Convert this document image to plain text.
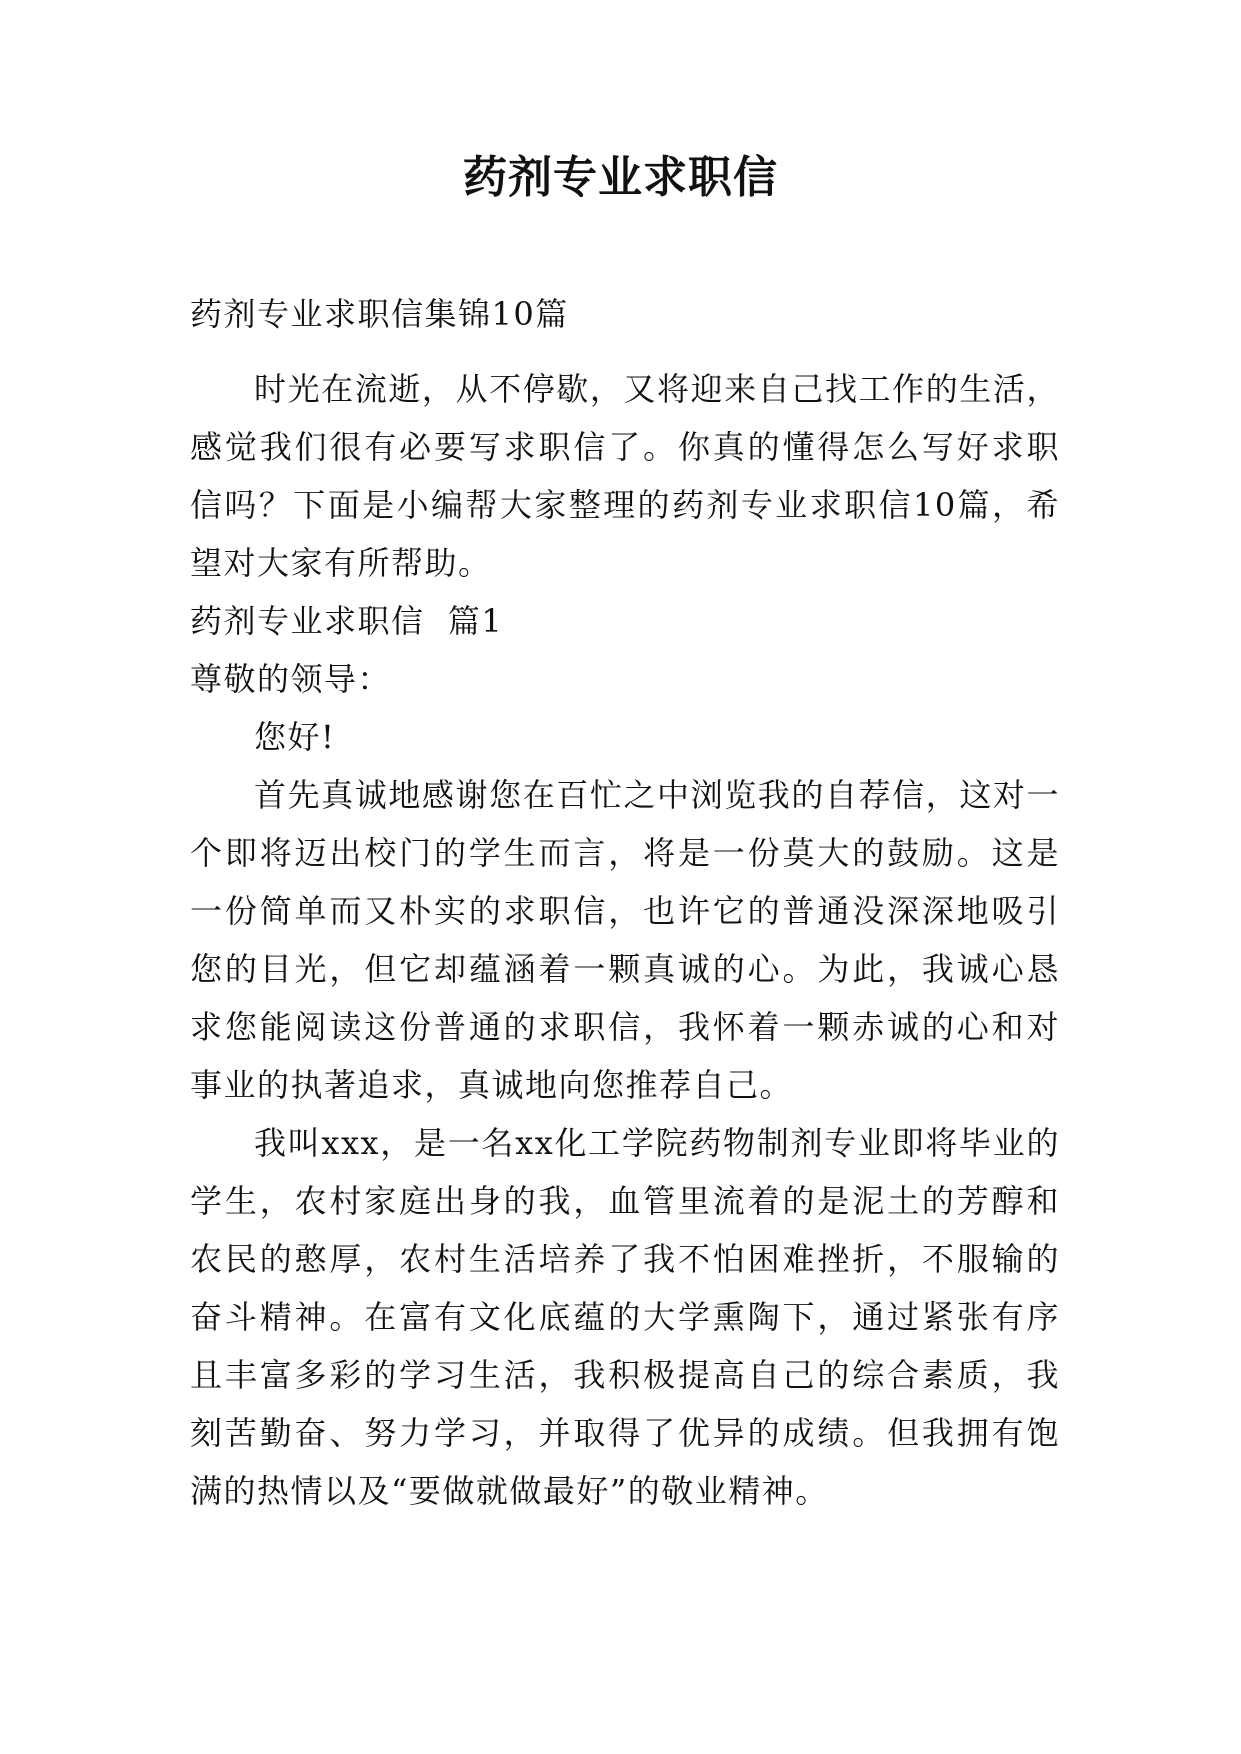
药剂专业求职信
药剂专业求职信集锦10篇

时光在流逝，从不停歇，又将迎来自己找工作的生活，感觉我们很有必要写求职信了。你真的懂得怎么写好求职信吗？下面是小编帮大家整理的药剂专业求职信10篇，希望对大家有所帮助。

药剂专业求职信  篇1

尊敬的领导：

您好!

首先真诚地感谢您在百忙之中浏览我的自荐信，这对一个即将迈出校门的学生而言，将是一份莫大的鼓励。这是一份简单而又朴实的求职信，也许它的普通没深深地吸引您的目光，但它却蕴涵着一颗真诚的心。为此，我诚心恳求您能阅读这份普通的求职信，我怀着一颗赤诚的心和对事业的执著追求，真诚地向您推荐自己。

我叫xxx，是一名xx化工学院药物制剂专业即将毕业的学生，农村家庭出身的我，血管里流着的是泥土的芳醇和农民的憨厚，农村生活培养了我不怕困难挫折，不服输的奋斗精神。在富有文化底蕴的大学熏陶下，通过紧张有序且丰富多彩的学习生活，我积极提高自己的综合素质，我刻苦勤奋、努力学习，并取得了优异的成绩。但我拥有饱满的热情以及“要做就做最好”的敬业精神。
